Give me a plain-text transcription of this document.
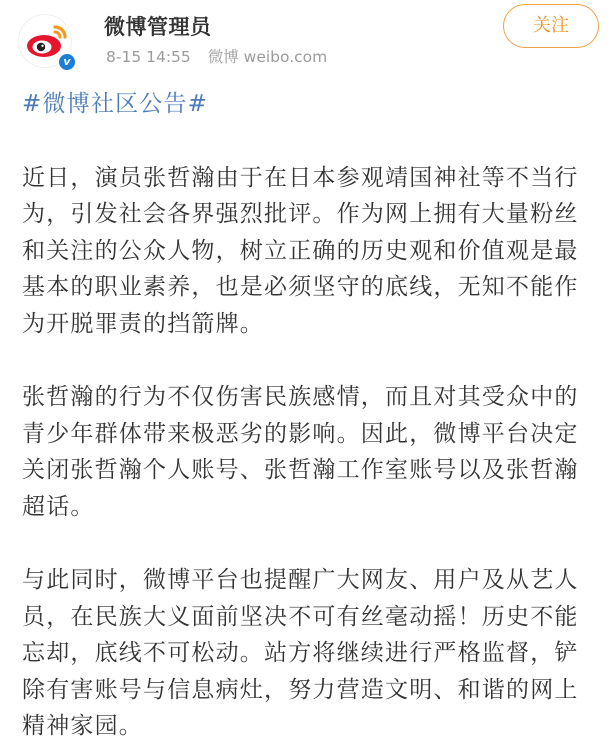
v
微博管理员
8-15 14:55 微博 weibo.com
关注
#微博社区公告#

近日，演员张哲瀚由于在日本参观靖国神社等不当行为，引发社会各界强烈批评。作为网上拥有大量粉丝和关注的公众人物，树立正确的历史观和价值观是最基本的职业素养，也是必须坚守的底线，无知不能作为开脱罪责的挡箭牌。

张哲瀚的行为不仅伤害民族感情，而且对其受众中的青少年群体带来极恶劣的影响。因此，微博平台决定关闭张哲瀚个人账号、张哲瀚工作室账号以及张哲瀚超话。

与此同时，微博平台也提醒广大网友、用户及从艺人员，在民族大义面前坚决不可有丝毫动摇！历史不能忘却，底线不可松动。站方将继续进行严格监督，铲除有害账号与信息病灶，努力营造文明、和谐的网上精神家园。
